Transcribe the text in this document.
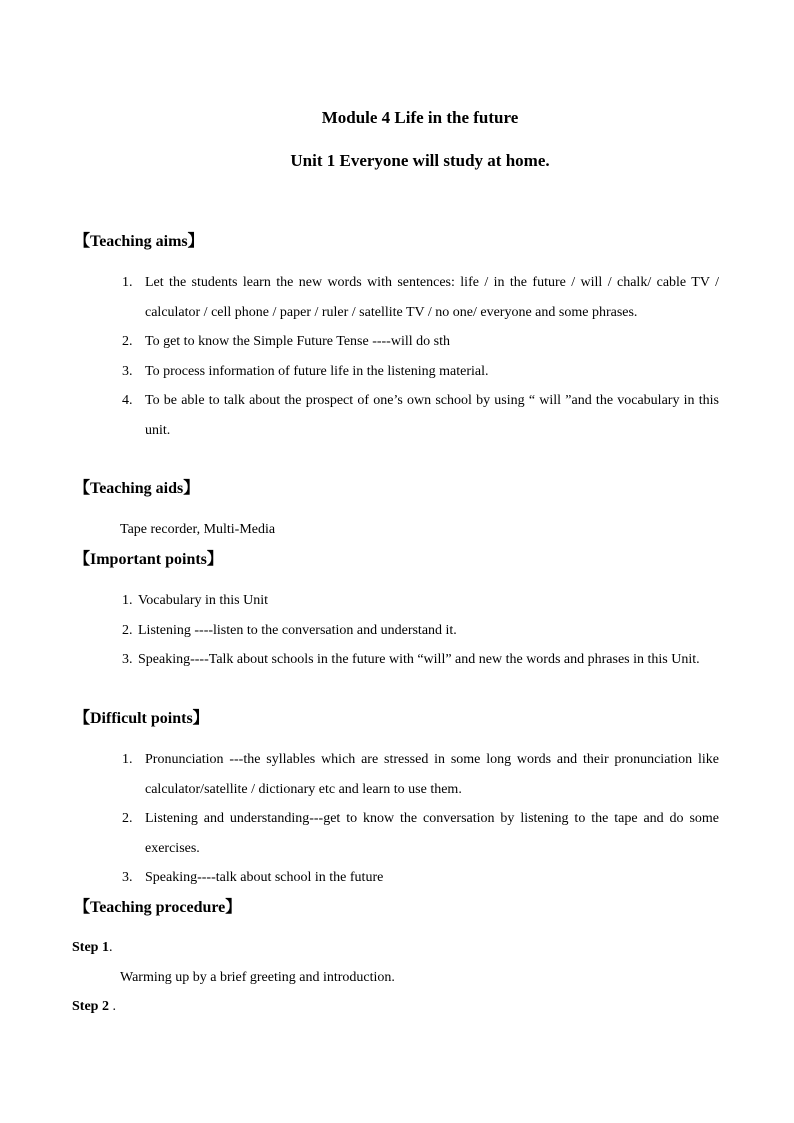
Module 4 Life in the future
Unit 1 Everyone will study at home.
【Teaching aims】
1. Let the students learn the new words with sentences: life / in the future / will / chalk/ cable TV / calculator / cell phone / paper / ruler / satellite TV / no one/ everyone and some phrases.
2. To get to know the Simple Future Tense ----will do sth
3. To process information of future life in the listening material.
4. To be able to talk about the prospect of one’s own school by using “ will ”and the vocabulary in this unit.
【Teaching aids】
Tape recorder, Multi-Media
【Important points】
1. Vocabulary in this Unit
2. Listening ----listen to the conversation and understand it.
3. Speaking----Talk about schools in the future with “will” and new the words and phrases in this Unit.
【Difficult points】
1. Pronunciation ---the syllables which are stressed in some long words and their pronunciation like calculator/satellite / dictionary etc and learn to use them.
2. Listening and understanding---get to know the conversation by listening to the tape and do some exercises.
3. Speaking----talk about school in the future
【Teaching procedure】
Step 1.
Warming up by a brief greeting and introduction.
Step 2 .
